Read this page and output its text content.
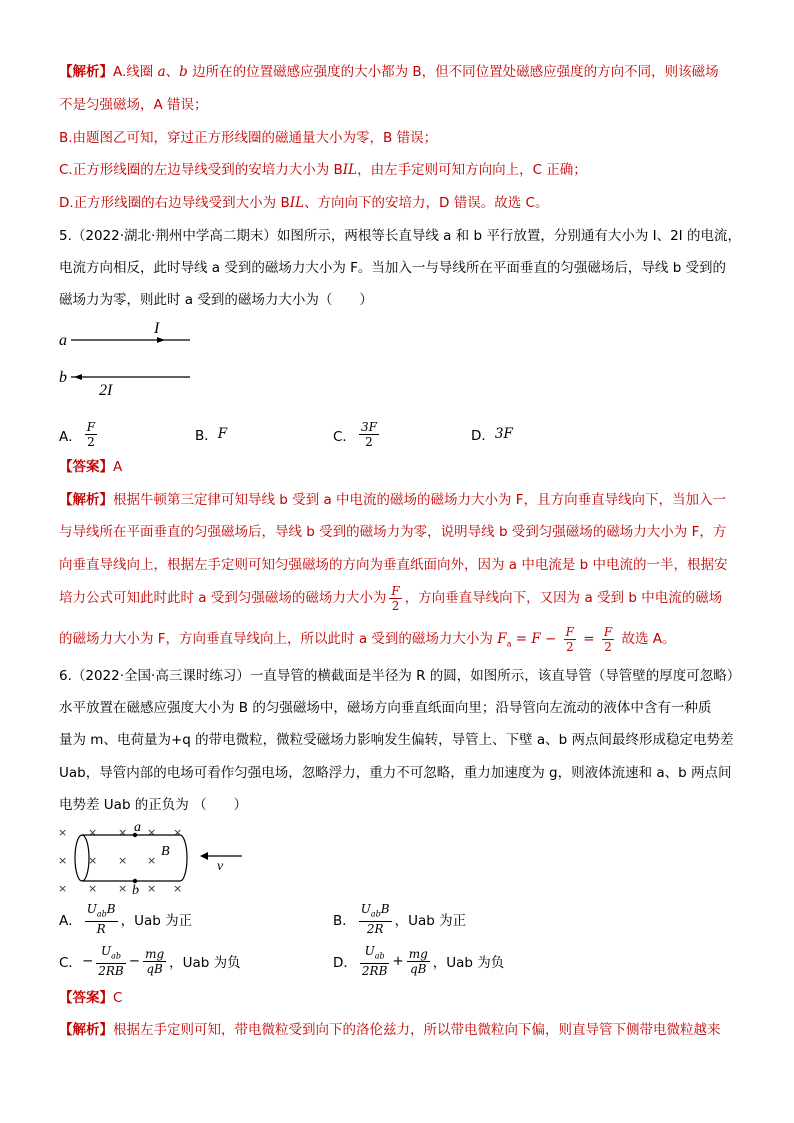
【解析】A.线圈 a、b 边所在的位置磁感应强度的大小都为 B，但不同位置处磁感应强度的方向不同，则该磁场
不是匀强磁场，A 错误；
B.由题图乙可知，穿过正方形线圈的磁通量大小为零，B 错误；
C.正方形线圈的左边导线受到的安培力大小为 BIL，由左手定则可知方向向上，C 正确；
D.正方形线圈的右边导线受到大小为 BIL、方向向下的安培力，D 错误。故选 C。
5.（2022·湖北·荆州中学高二期末）如图所示，两根等长直导线 a 和 b 平行放置，分别通有大小为 I、2I 的电流，
电流方向相反，此时导线 a 受到的磁场力大小为 F。当加入一与导线所在平面垂直的匀强磁场后，导线 b 受到的
磁场力为零，则此时 a 受到的磁场力大小为（　　）
a
b
I
2I
A． $\frac{F}{2}$	B．F	C． $\frac{3F}{2}$	D．3F
【答案】A
【解析】根据牛顿第三定律可知导线 b 受到 a 中电流的磁场的磁场力大小为 F，且方向垂直导线向下，当加入一
与导线所在平面垂直的匀强磁场后，导线 b 受到的磁场力为零，说明导线 b 受到匀强磁场的磁场力大小为 F，方
向垂直导线向上，根据左手定则可知匀强磁场的方向为垂直纸面向外，因为 a 中电流是 b 中电流的一半，根据安
培力公式可知此时此时 a 受到匀强磁场的磁场力大小为 $\frac{F}{2}$ ，方向垂直导线向下，又因为 a 受到 b 中电流的磁场
的磁场力大小为 F，方向垂直导线向上，所以此时 a 受到的磁场力大小为 $F_a = F - \frac{F}{2} = \frac{F}{2}$ 故选 A。
6.（2022·全国·高三课时练习）一直导管的横截面是半径为 R 的圆，如图所示，该直导管（导管壁的厚度可忽略）
水平放置在磁感应强度大小为 B 的匀强磁场中，磁场方向垂直纸面向里；沿导管向左流动的液体中含有一种质
量为 m、电荷量为+q 的带电微粒，微粒受磁场力影响发生偏转，导管上、下壁 a、b 两点间最终形成稳定电势差
Uab，导管内部的电场可看作匀强电场，忽略浮力，重力不可忽略，重力加速度为 g，则液体流速和 a、b 两点间
电势差 Uab 的正负为 （　　）
× × × × ×
× × × ×
× × × × ×
a
b
B
v
A． $\frac{U_{ab}B}{R}$ ，Uab 为正	B． $\frac{U_{ab}B}{2R}$ ，Uab 为正
C．− $\frac{U_{ab}}{2RB} - \frac{mg}{qB}$ ，Uab 为负	D． $\frac{U_{ab}}{2RB} + \frac{mg}{qB}$ ，Uab 为负
【答案】C
【解析】根据左手定则可知，带电微粒受到向下的洛伦兹力，所以带电微粒向下偏，则直导管下侧带电微粒越来
